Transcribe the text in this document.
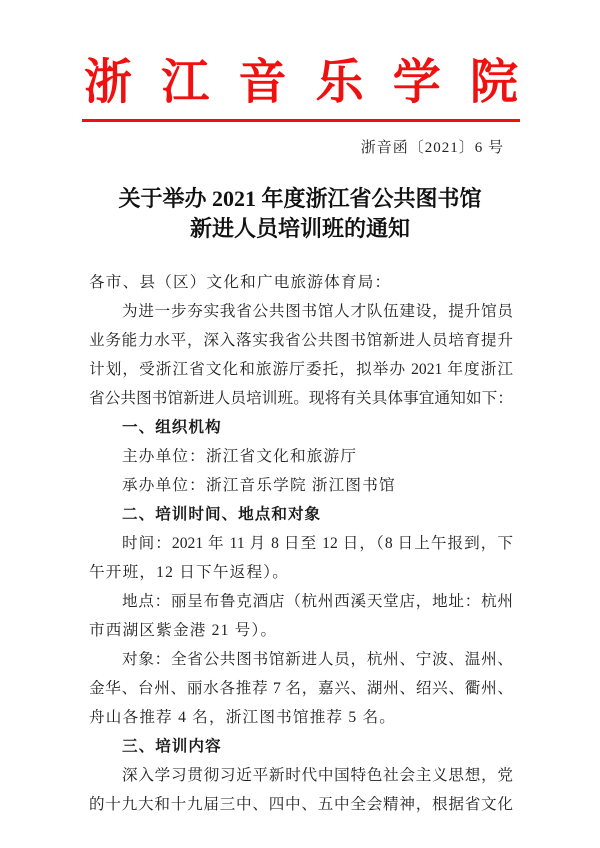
浙 江 音 乐 学 院
浙音函〔2021〕6 号
关于举办 2021 年度浙江省公共图书馆
新进人员培训班的通知
各市、县（区）文化和广电旅游体育局：
为进一步夯实我省公共图书馆人才队伍建设，提升馆员
业务能力水平，深入落实我省公共图书馆新进人员培育提升
计划，受浙江省文化和旅游厅委托，拟举办 2021 年度浙江
省公共图书馆新进人员培训班。现将有关具体事宜通知如下：
一、组织机构
主办单位：浙江省文化和旅游厅
承办单位：浙江音乐学院 浙江图书馆
二、培训时间、地点和对象
时间：2021 年 11 月 8 日至 12 日，（8 日上午报到，下
午开班，12 日下午返程）。
地点：丽呈布鲁克酒店（杭州西溪天堂店，地址：杭州
市西湖区紫金港 21 号）。
对象：全省公共图书馆新进人员，杭州、宁波、温州、
金华、台州、丽水各推荐 7 名，嘉兴、湖州、绍兴、衢州、
舟山各推荐 4 名，浙江图书馆推荐 5 名。
三、培训内容
深入学习贯彻习近平新时代中国特色社会主义思想，党
的十九大和十九届三中、四中、五中全会精神，根据省文化
